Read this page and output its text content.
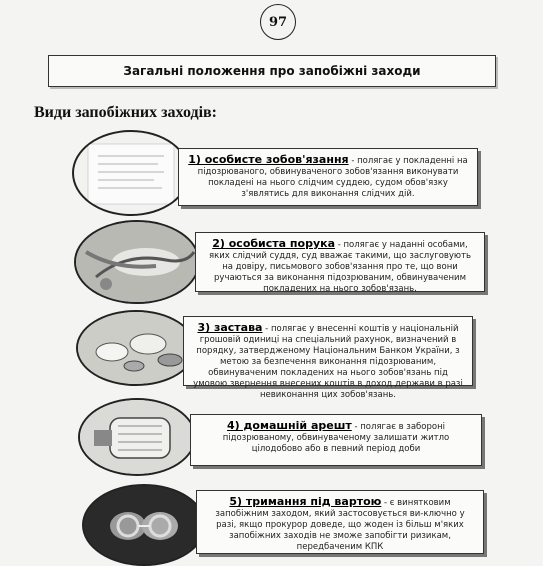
97
Загальні положення про запобіжні заходи
Види запобіжних заходів:
1) особисте зобов'язання - полягає у покладенні на підозрюваного, обвинуваченого зобов'язання виконувати покладені на нього слідчим суддею, судом обов'язку з'являтись для виконання слідчих дій.
2) особиста порука - полягає у наданні особами, яких слідчий суддя, суд вважає такими, що заслуговують на довіру, письмового зобов'язання про те, що вони ручаються за виконання підозрюваним, обвинуваченим покладених на нього зобов'язань.
3) застава - полягає у внесенні коштів у національній грошовій одиниці на спеціальний рахунок, визначений в порядку, затвердженому Національним Банком України, з метою за безпечення виконання підозрюваним, обвинуваченим покладених на нього зобов'язань під умовою звернення внесених коштів в доход держави в разі невиконання цих зобов'язань.
4) домашній арешт - полягає в забороні підозрюваному, обвинуваченому залишати житло цілодобово або в певний період доби
5) тримання під вартою - є винятковим запобіжним заходом, який застосовується ви-ключно у разі, якщо прокурор доведе, що жоден із більш м'яких запобіжних заходів не зможе запобігти ризикам, передбаченим КПК
